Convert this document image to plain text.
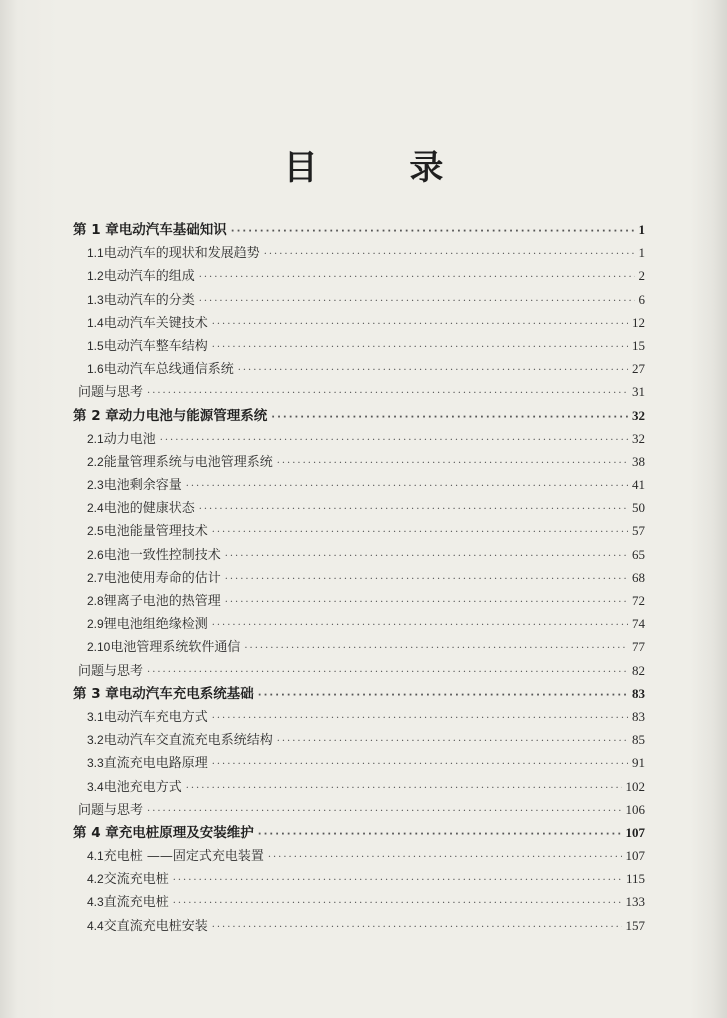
目 录
第 1 章 电动汽车基础知识 ·····	1
1.1 电动汽车的现状和发展趋势 ·····	1
1.2 电动汽车的组成 ·····	2
1.3 电动汽车的分类 ·····	6
1.4 电动汽车关键技术 ·····	12
1.5 电动汽车整车结构 ·····	15
1.6 电动汽车总线通信系统 ·····	27
问题与思考 ·····	31
第 2 章 动力电池与能源管理系统 ·····	32
2.1 动力电池 ·····	32
2.2 能量管理系统与电池管理系统 ·····	38
2.3 电池剩余容量 ·····	41
2.4 电池的健康状态 ·····	50
2.5 电池能量管理技术 ·····	57
2.6 电池一致性控制技术 ·····	65
2.7 电池使用寿命的估计 ·····	68
2.8 锂离子电池的热管理 ·····	72
2.9 锂电池组绝缘检测 ·····	74
2.10 电池管理系统软件通信 ·····	77
问题与思考 ·····	82
第 3 章 电动汽车充电系统基础 ·····	83
3.1 电动汽车充电方式 ·····	83
3.2 电动汽车交直流充电系统结构 ·····	85
3.3 直流充电电路原理 ·····	91
3.4 电池充电方式 ·····	102
问题与思考 ·····	106
第 4 章 充电桩原理及安装维护 ·····	107
4.1 充电桩 ——固定式充电装置 ·····	107
4.2 交流充电桩 ·····	115
4.3 直流充电桩 ·····	133
4.4 交直流充电桩安装 ·····	157
